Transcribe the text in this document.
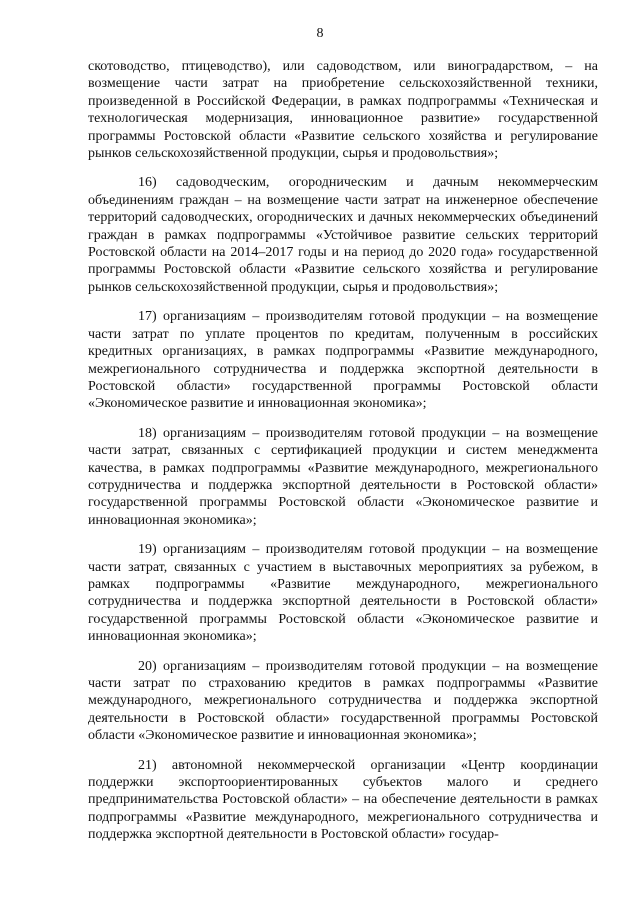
8

скотоводство, птицеводство), или садоводством, или виноградарством, – на возмещение части затрат на приобретение сельскохозяйственной техники, произведенной в Российской Федерации, в рамках подпрограммы «Техническая и технологическая модернизация, инновационное развитие» государственной программы Ростовской области «Развитие сельского хозяйства и регулирование рынков сельскохозяйственной продукции, сырья и продовольствия»;

16) садоводческим, огородническим и дачным некоммерческим объединениям граждан – на возмещение части затрат на инженерное обеспечение территорий садоводческих, огороднических и дачных некоммерческих объединений граждан в рамках подпрограммы «Устойчивое развитие сельских территорий Ростовской области на 2014–2017 годы и на период до 2020 года» государственной программы Ростовской области «Развитие сельского хозяйства и регулирование рынков сельскохозяйственной продукции, сырья и продовольствия»;

17) организациям – производителям готовой продукции – на возмещение части затрат по уплате процентов по кредитам, полученным в российских кредитных организациях, в рамках подпрограммы «Развитие международного, межрегионального сотрудничества и поддержка экспортной деятельности в Ростовской области» государственной программы Ростовской области «Экономическое развитие и инновационная экономика»;

18) организациям – производителям готовой продукции – на возмещение части затрат, связанных с сертификацией продукции и систем менеджмента качества, в рамках подпрограммы «Развитие международного, межрегионального сотрудничества и поддержка экспортной деятельности в Ростовской области» государственной программы Ростовской области «Экономическое развитие и инновационная экономика»;

19) организациям – производителям готовой продукции – на возмещение части затрат, связанных с участием в выставочных мероприятиях за рубежом, в рамках подпрограммы «Развитие международного, межрегионального сотрудничества и поддержка экспортной деятельности в Ростовской области» государственной программы Ростовской области «Экономическое развитие и инновационная экономика»;

20) организациям – производителям готовой продукции – на возмещение части затрат по страхованию кредитов в рамках подпрограммы «Развитие международного, межрегионального сотрудничества и поддержка экспортной деятельности в Ростовской области» государственной программы Ростовской области «Экономическое развитие и инновационная экономика»;

21) автономной некоммерческой организации «Центр координации поддержки экспортоориентированных субъектов малого и среднего предпринимательства Ростовской области» – на обеспечение деятельности в рамках подпрограммы «Развитие международного, межрегионального сотрудничества и поддержка экспортной деятельности в Ростовской области» государ-
